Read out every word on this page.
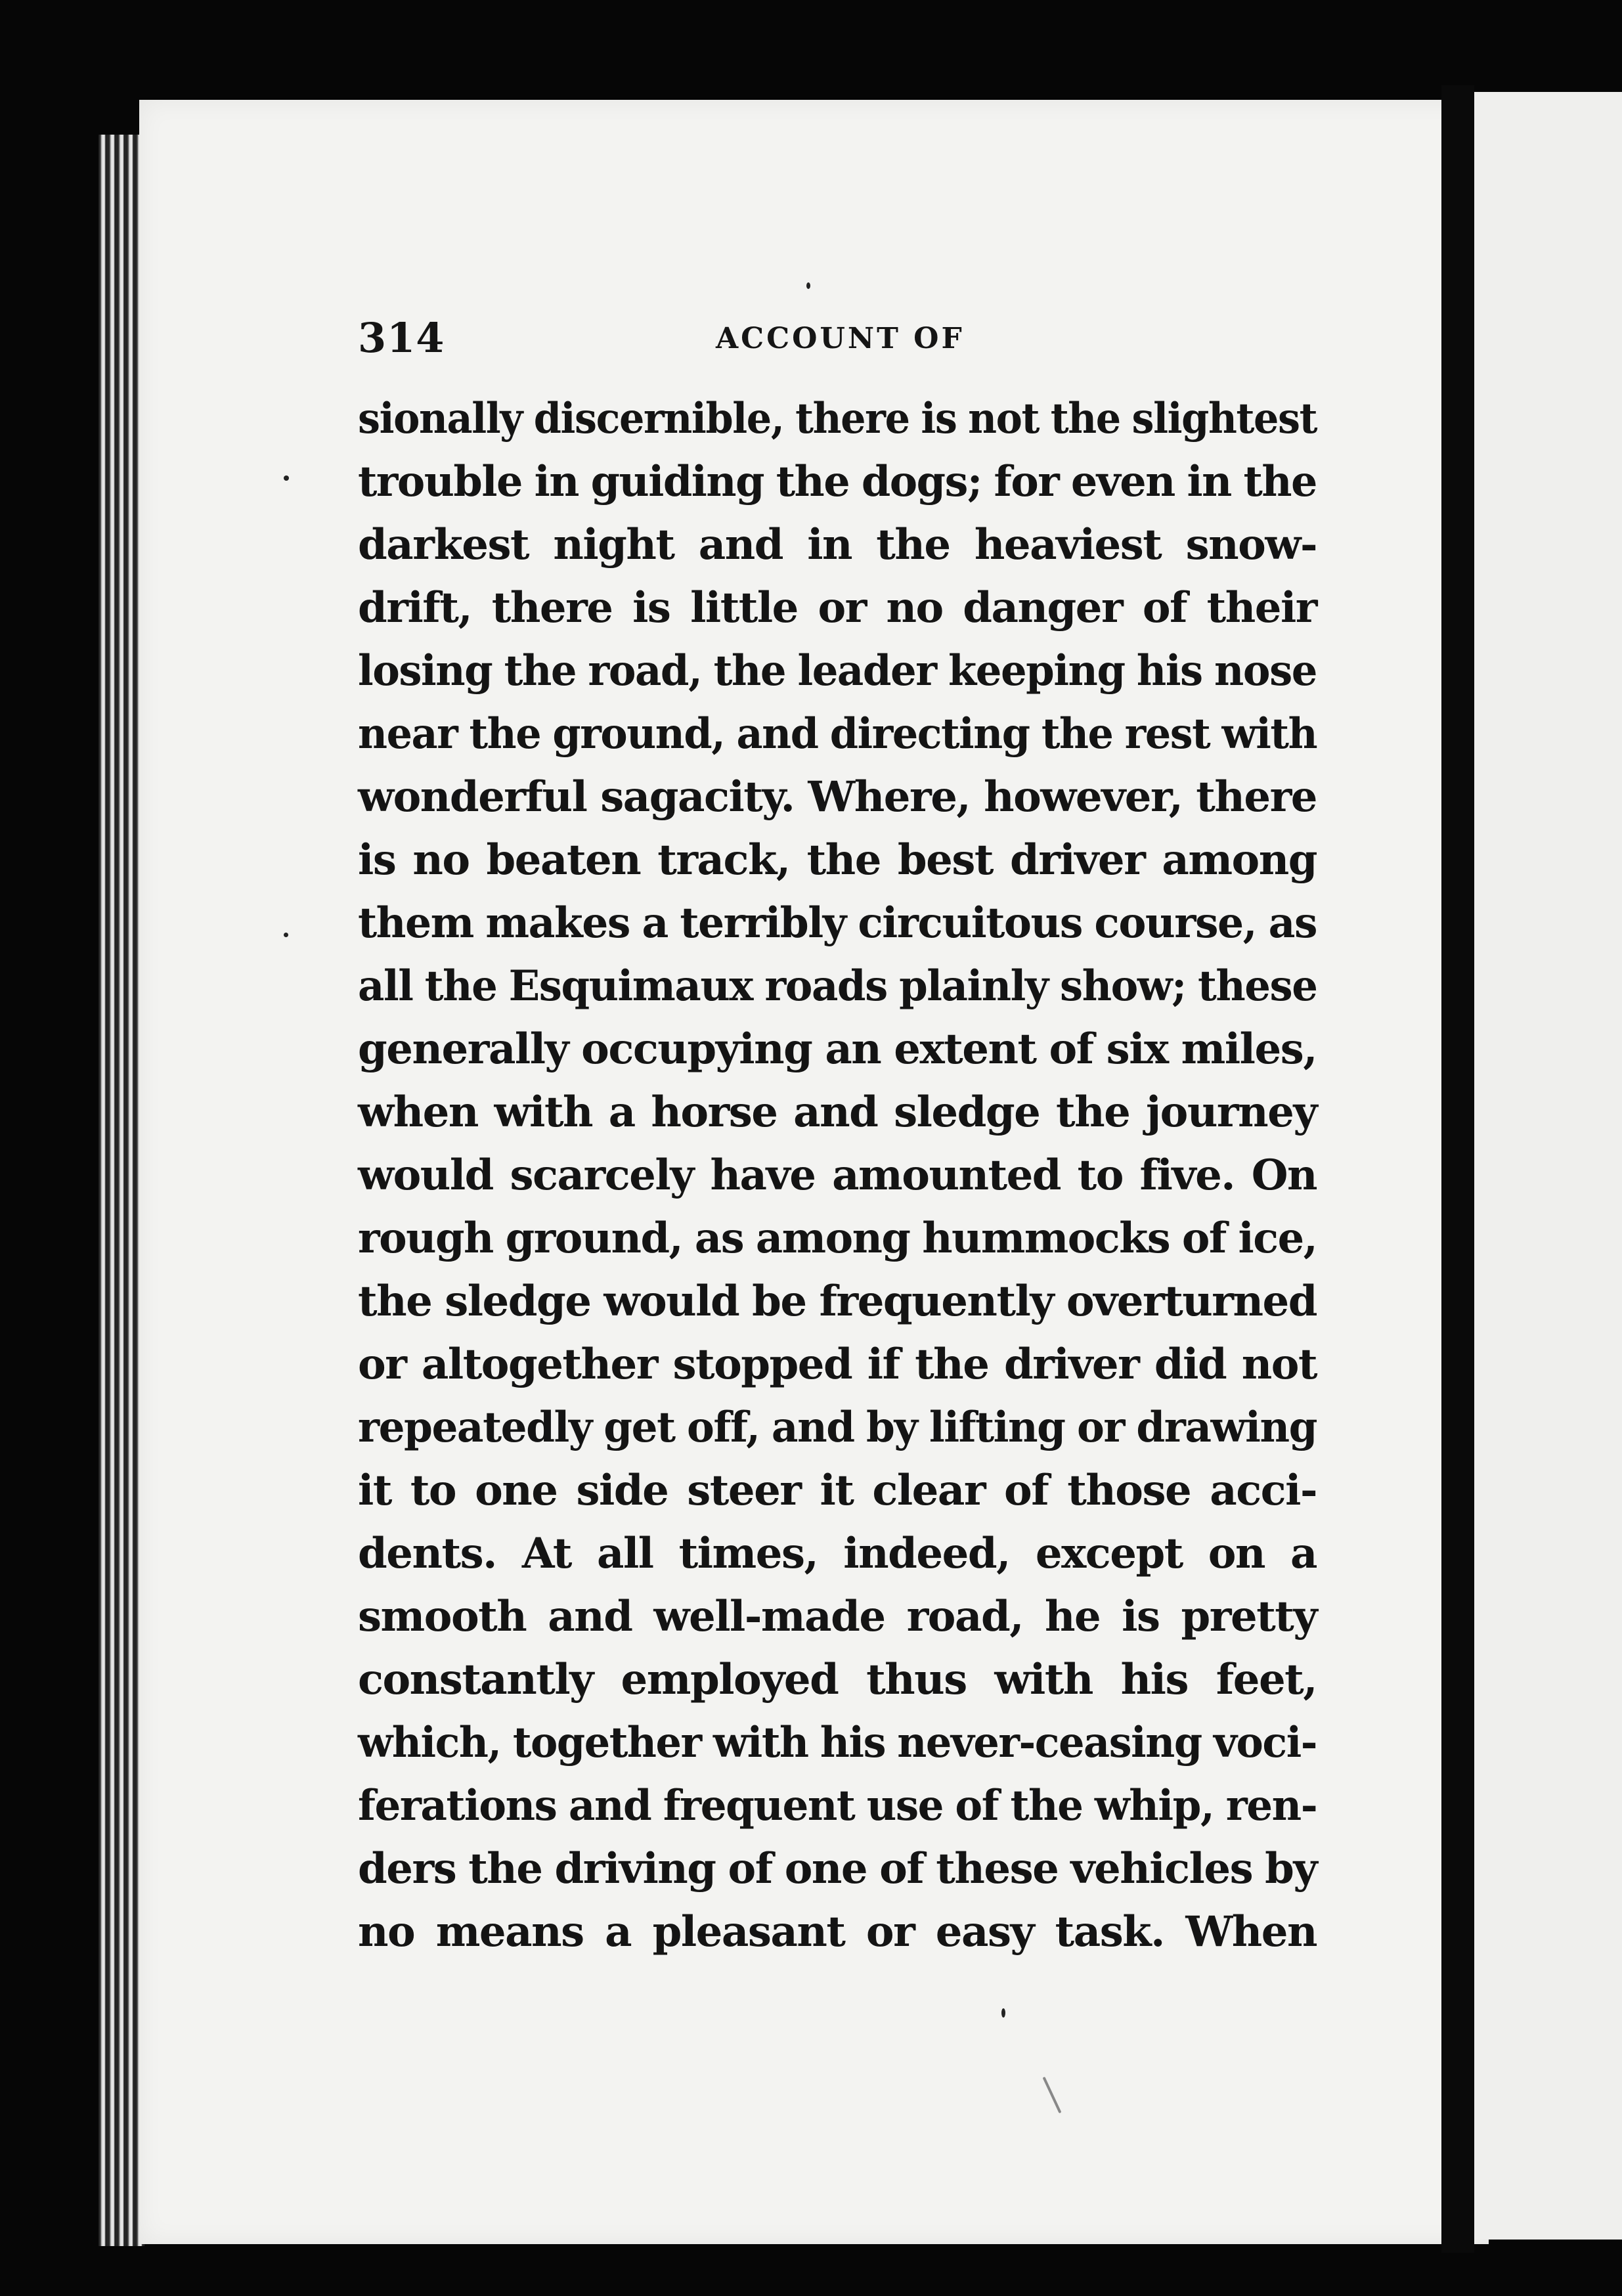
314	ACCOUNT OF
sionally discernible, there is not the slightest
trouble in guiding the dogs; for even in the
darkest night and in the heaviest snow-
drift, there is little or no danger of their
losing the road, the leader keeping his nose
near the ground, and directing the rest with
wonderful sagacity. Where, however, there
is no beaten track, the best driver among
them makes a terribly circuitous course, as
all the Esquimaux roads plainly show; these
generally occupying an extent of six miles,
when with a horse and sledge the journey
would scarcely have amounted to five. On
rough ground, as among hummocks of ice,
the sledge would be frequently overturned
or altogether stopped if the driver did not
repeatedly get off, and by lifting or drawing
it to one side steer it clear of those acci-
dents. At all times, indeed, except on a
smooth and well-made road, he is pretty
constantly employed thus with his feet,
which, together with his never-ceasing voci-
ferations and frequent use of the whip, ren-
ders the driving of one of these vehicles by
no means a pleasant or easy task. When
